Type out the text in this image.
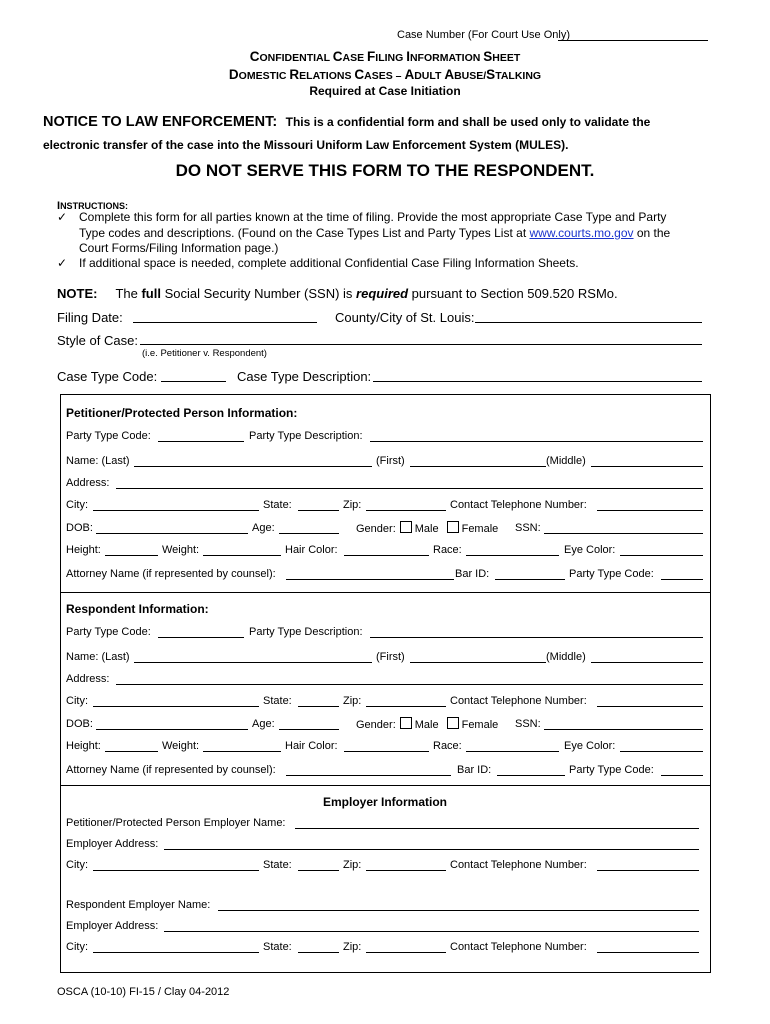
Case Number (For Court Use Only)
CONFIDENTIAL CASE FILING INFORMATION SHEET
DOMESTIC RELATIONS CASES – ADULT ABUSE/STALKING
Required at Case Initiation
NOTICE TO LAW ENFORCEMENT: This is a confidential form and shall be used only to validate the
electronic transfer of the case into the Missouri Uniform Law Enforcement System (MULES).
DO NOT SERVE THIS FORM TO THE RESPONDENT.
INSTRUCTIONS:
✓ Complete this form for all parties known at the time of filing. Provide the most appropriate Case Type and Party
Type codes and descriptions. (Found on the Case Types List and Party Types List at www.courts.mo.gov on the
Court Forms/Filing Information page.)
✓ If additional space is needed, complete additional Confidential Case Filing Information Sheets.
NOTE: The full Social Security Number (SSN) is required pursuant to Section 509.520 RSMo.
Filing Date:	County/City of St. Louis:
Style of Case:
(i.e. Petitioner v. Respondent)
Case Type Code:	Case Type Description:
Petitioner/Protected Person Information:
Party Type Code:	Party Type Description:
Name: (Last)	(First)	(Middle)
Address:
City:	State:	Zip:	Contact Telephone Number:
DOB:	Age:	Gender: Male Female SSN:
Height:	Weight:	Hair Color:	Race:	Eye Color:
Attorney Name (if represented by counsel):	Bar ID:	Party Type Code:
Respondent Information:
Party Type Code:	Party Type Description:
Name: (Last)	(First)	(Middle)
Address:
City:	State:	Zip:	Contact Telephone Number:
DOB:	Age:	Gender: Male Female SSN:
Height:	Weight:	Hair Color:	Race:	Eye Color:
Attorney Name (if represented by counsel):	Bar ID:	Party Type Code:
Employer Information
Petitioner/Protected Person Employer Name:
Employer Address:
City:	State:	Zip:	Contact Telephone Number:
Respondent Employer Name:
Employer Address:
City:	State:	Zip:	Contact Telephone Number:
OSCA (10-10) FI-15 / Clay 04-2012
